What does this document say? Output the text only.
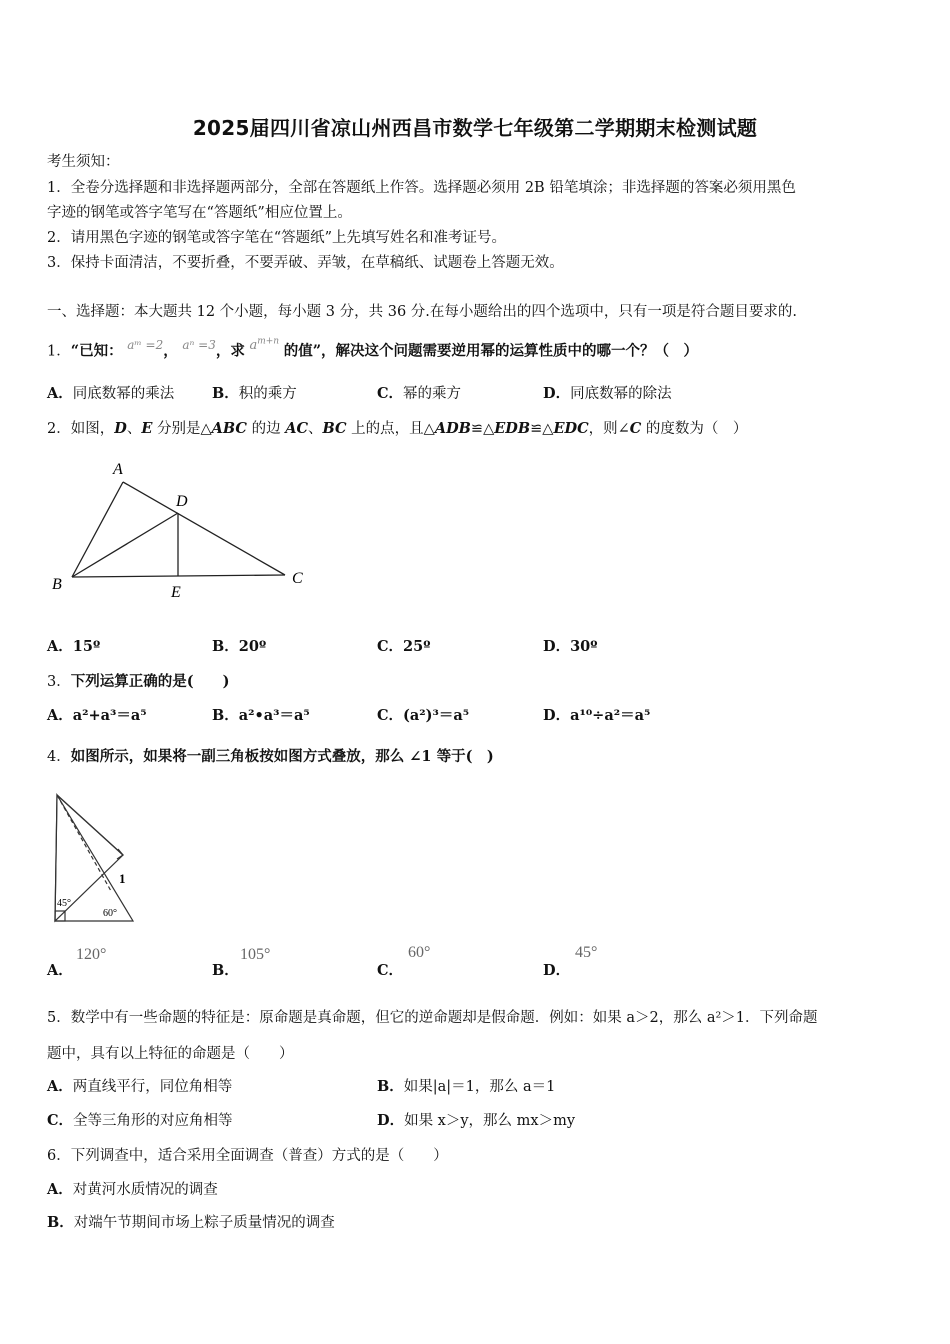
2025届四川省凉山州西昌市数学七年级第二学期期末检测试题
考生须知：
1．全卷分选择题和非选择题两部分，全部在答题纸上作答。选择题必须用 2B 铅笔填涂；非选择题的答案必须用黑色
字迹的钢笔或答字笔写在“答题纸”相应位置上。
2．请用黑色字迹的钢笔或答字笔在“答题纸”上先填写姓名和准考证号。
3．保持卡面清洁，不要折叠，不要弄破、弄皱，在草稿纸、试题卷上答题无效。
一、选择题：本大题共 12 个小题，每小题 3 分，共 36 分.在每小题给出的四个选项中，只有一项是符合题目要求的.
1．“已知： $^{aᵐ =2}$， $^{a^n =3}$，求 $a^{m+n}$ 的值”，解决这个问题需要逆用幂的运算性质中的哪一个？（　）
A．同底数幂的乘法	B．积的乘方	C．幂的乘方	D．同底数幂的除法
2．如图，D、E 分别是△ABC 的边 AC、BC 上的点，且△ADB≌△EDB≌△EDC，则∠C 的度数为（　）
A
B	C
D
E
A．15º	B．20º	C．25º	D．30º
3．下列运算正确的是(　　)
A．a²+a³＝a⁵	B．a²•a³＝a⁵	C．(a²)³＝a⁵	D．a¹⁰÷a²＝a⁵
4．如图所示，如果将一副三角板按如图方式叠放，那么 ∠1 等于(　)
1
45°
60°
A．
120°
B．
105°
C．
60°
D．
45°
5．数学中有一些命题的特征是：原命题是真命题，但它的逆命题却是假命题．例如：如果 a＞2，那么 a²＞1．下列命题
题中，具有以上特征的命题是（　　）
A．两直线平行，同位角相等	B．如果|a|＝1，那么 a＝1
C．全等三角形的对应角相等	D．如果 x＞y，那么 mx＞my
6．下列调查中，适合采用全面调查（普查）方式的是（　　）
A．对黄河水质情况的调查
B．对端午节期间市场上粽子质量情况的调查
